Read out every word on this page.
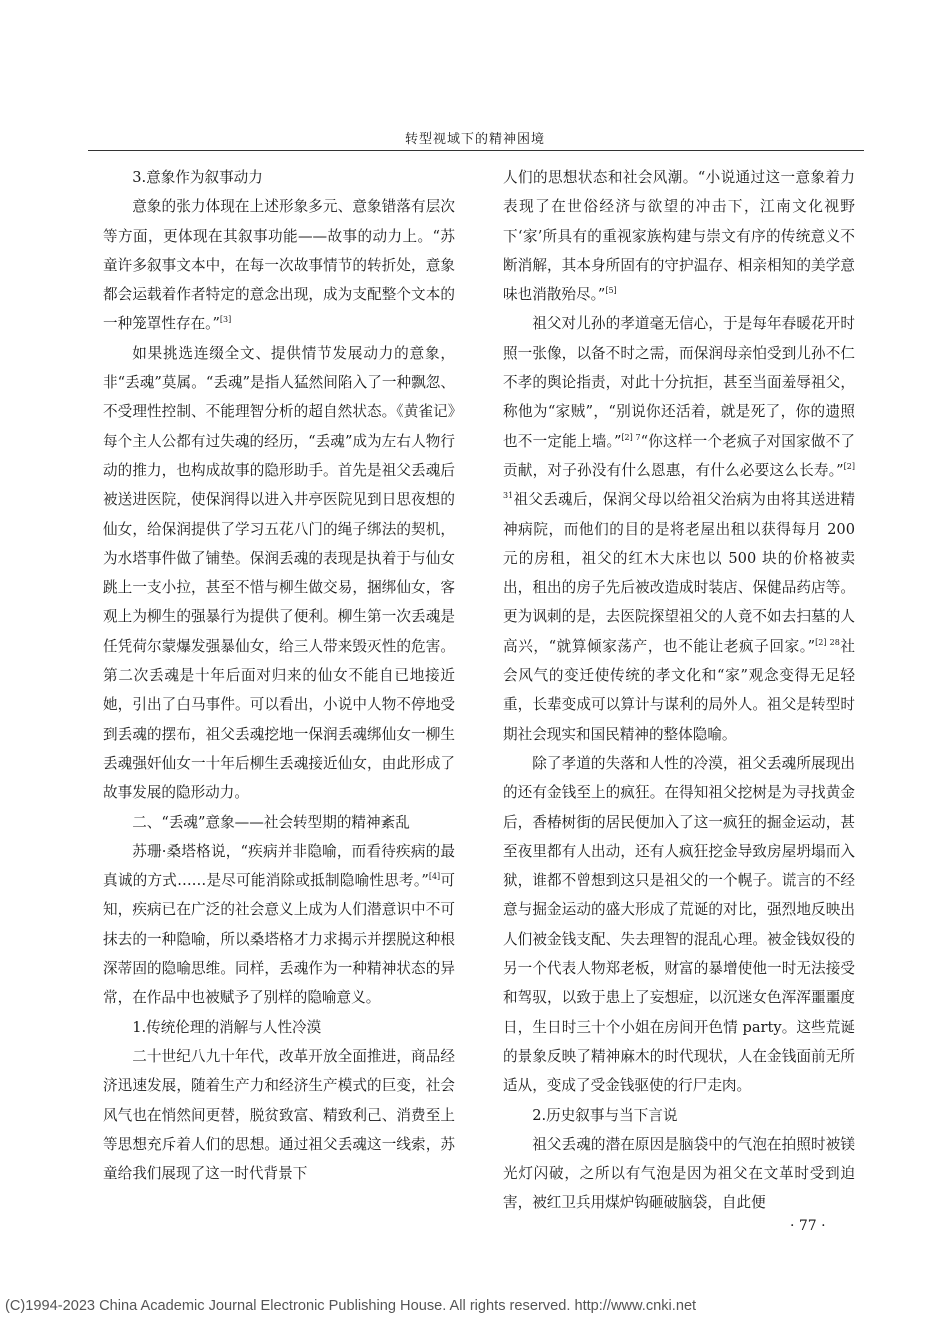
转型视域下的精神困境
3.意象作为叙事动力

意象的张力体现在上述形象多元、意象错落有层次等方面，更体现在其叙事功能——故事的动力上。“苏童许多叙事文本中，在每一次故事情节的转折处，意象都会运载着作者特定的意念出现，成为支配整个文本的一种笼罩性存在。”[3]

如果挑选连缀全文、提供情节发展动力的意象，非“丢魂”莫属。“丢魂”是指人猛然间陷入了一种飘忽、不受理性控制、不能理智分析的超自然状态。《黄雀记》每个主人公都有过失魂的经历，“丢魂”成为左右人物行动的推力，也构成故事的隐形助手。首先是祖父丢魂后被送进医院，使保润得以进入井亭医院见到日思夜想的仙女，给保润提供了学习五花八门的绳子绑法的契机，为水塔事件做了铺垫。保润丢魂的表现是执着于与仙女跳上一支小拉，甚至不惜与柳生做交易，捆绑仙女，客观上为柳生的强暴行为提供了便利。柳生第一次丢魂是任凭荷尔蒙爆发强暴仙女，给三人带来毁灭性的危害。第二次丢魂是十年后面对归来的仙女不能自已地接近她，引出了白马事件。可以看出，小说中人物不停地受到丢魂的摆布，祖父丢魂挖地一保润丢魂绑仙女一柳生丢魂强奸仙女一十年后柳生丢魂接近仙女，由此形成了故事发展的隐形动力。

二、“丢魂”意象——社会转型期的精神紊乱

苏珊·桑塔格说，“疾病并非隐喻，而看待疾病的最真诚的方式……是尽可能消除或抵制隐喻性思考。”[4]可知，疾病已在广泛的社会意义上成为人们潜意识中不可抹去的一种隐喻，所以桑塔格才力求揭示并摆脱这种根深蒂固的隐喻思维。同样，丢魂作为一种精神状态的异常，在作品中也被赋予了别样的隐喻意义。

1.传统伦理的消解与人性冷漠

二十世纪八九十年代，改革开放全面推进，商品经济迅速发展，随着生产力和经济生产模式的巨变，社会风气也在悄然间更替，脱贫致富、精致利己、消费至上等思想充斥着人们的思想。通过祖父丢魂这一线索，苏童给我们展现了这一时代背景下

人们的思想状态和社会风潮。“小说通过这一意象着力表现了在世俗经济与欲望的冲击下，江南文化视野下‘家’所具有的重视家族构建与崇文有序的传统意义不断消解，其本身所固有的守护温存、相亲相知的美学意味也消散殆尽。”[5]

祖父对儿孙的孝道毫无信心，于是每年春暖花开时照一张像，以备不时之需，而保润母亲怕受到儿孙不仁不孝的舆论指责，对此十分抗拒，甚至当面羞辱祖父，称他为“家贼”，“别说你还活着，就是死了，你的遗照也不一定能上墙。”$^{[2] 7}$“你这样一个老疯子对国家做不了贡献，对子孙没有什么恩惠，有什么必要这么长寿。”$^{[2] 31}$祖父丢魂后，保润父母以给祖父治病为由将其送进精神病院，而他们的目的是将老屋出租以获得每月 200 元的房租，祖父的红木大床也以 500 块的价格被卖出，租出的房子先后被改造成时装店、保健品药店等。更为讽刺的是，去医院探望祖父的人竟不如去扫墓的人高兴，“就算倾家荡产，也不能让老疯子回家。”$^{[2] 28}$社会风气的变迁使传统的孝文化和“家”观念变得无足轻重，长辈变成可以算计与谋利的局外人。祖父是转型时期社会现实和国民精神的整体隐喻。

除了孝道的失落和人性的冷漠，祖父丢魂所展现出的还有金钱至上的疯狂。在得知祖父挖树是为寻找黄金后，香椿树街的居民便加入了这一疯狂的掘金运动，甚至夜里都有人出动，还有人疯狂挖金导致房屋坍塌而入狱，谁都不曾想到这只是祖父的一个幌子。谎言的不经意与掘金运动的盛大形成了荒诞的对比，强烈地反映出人们被金钱支配、失去理智的混乱心理。被金钱奴役的另一个代表人物郑老板，财富的暴增使他一时无法接受和驾驭，以致于患上了妄想症，以沉迷女色浑浑噩噩度日，生日时三十个小姐在房间开色情 party。这些荒诞的景象反映了精神麻木的时代现状，人在金钱面前无所适从，变成了受金钱驱使的行尸走肉。

2.历史叙事与当下言说

祖父丢魂的潜在原因是脑袋中的气泡在拍照时被镁光灯闪破，之所以有气泡是因为祖父在文革时受到迫害，被红卫兵用煤炉钩砸破脑袋，自此便

· 77 ·
(C)1994-2023 China Academic Journal Electronic Publishing House. All rights reserved. http://www.cnki.net
